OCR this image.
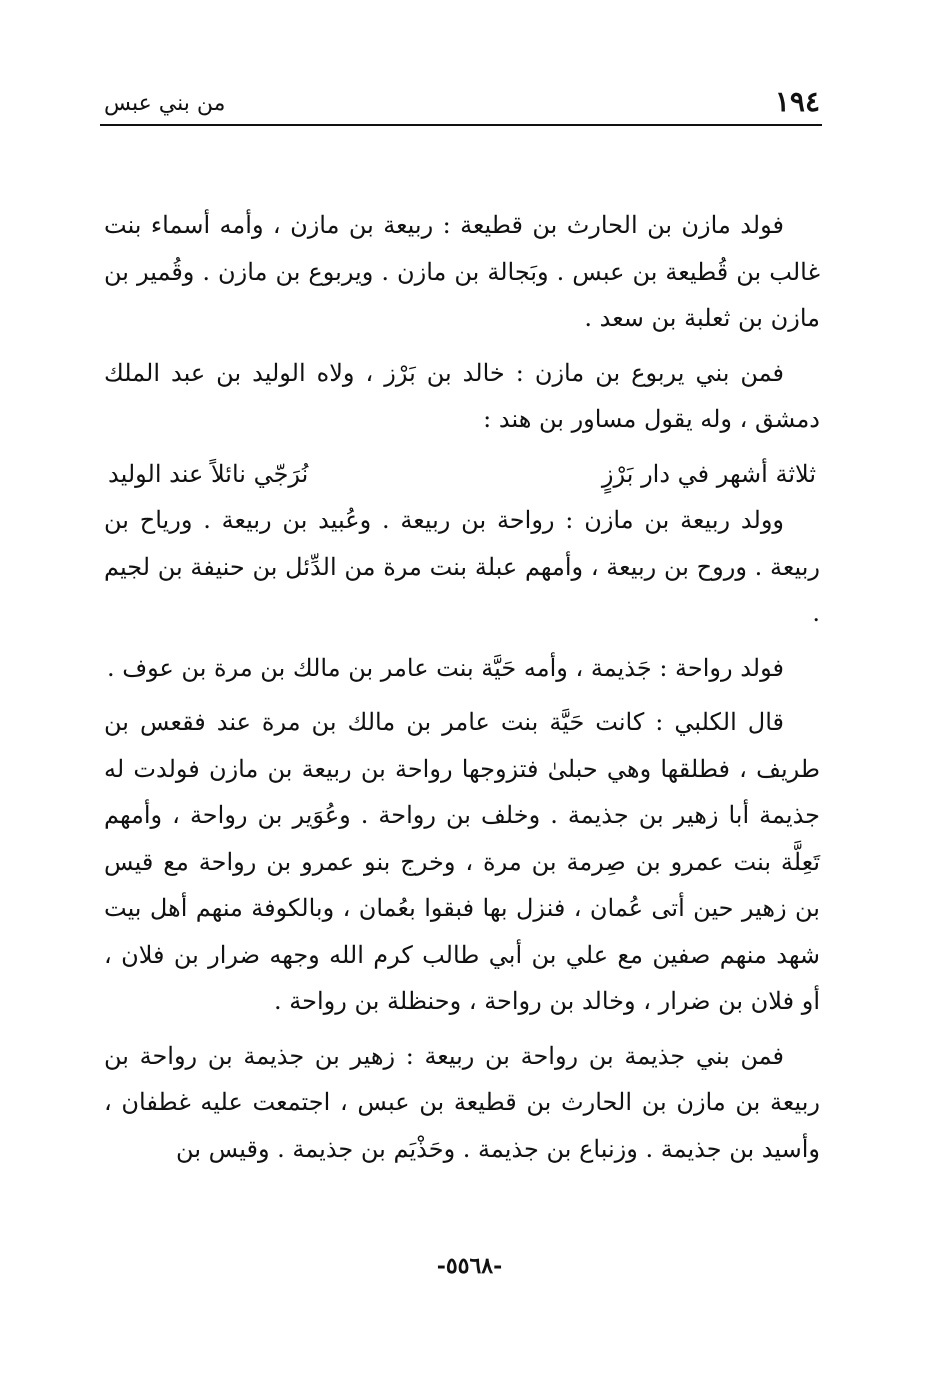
١٩٤
من بني عبس

فولد مازن بن الحارث بن قطيعة : ربيعة بن مازن ، وأمه أسماء بنت غالب بن قُطيعة بن عبس . وبَجالة بن مازن . ويربوع بن مازن . وقُمير بن مازن بن ثعلبة بن سعد .

فمن بني يربوع بن مازن : خالد بن بَرْز ، ولاه الوليد بن عبد الملك دمشق ، وله يقول مساور بن هند :

ثلاثة أشهر في دار بَرْزٍ
نُرَجّي نائلاً عند الوليد

وولد ربيعة بن مازن : رواحة بن ربيعة . وعُبيد بن ربيعة . ورياح بن ربيعة . وروح بن ربيعة ، وأمهم عبلة بنت مرة من الدِّئل بن حنيفة بن لجيم .

فولد رواحة : جَذيمة ، وأمه حَيَّة بنت عامر بن مالك بن مرة بن عوف .

قال الكلبي : كانت حَيَّة بنت عامر بن مالك بن مرة عند فقعس بن طريف ، فطلقها وهي حبلىٰ فتزوجها رواحة بن ربيعة بن مازن فولدت له جذيمة أبا زهير بن جذيمة . وخلف بن رواحة . وعُوَير بن رواحة ، وأمهم تَعِلَّة بنت عمرو بن صِرمة بن مرة ، وخرج بنو عمرو بن رواحة مع قيس بن زهير حين أتى عُمان ، فنزل بها فبقوا بعُمان ، وبالكوفة منهم أهل بيت شهد منهم صفين مع علي بن أبي طالب كرم الله وجهه ضرار بن فلان ، أو فلان بن ضرار ، وخالد بن رواحة ، وحنظلة بن رواحة .

فمن بني جذيمة بن رواحة بن ربيعة : زهير بن جذيمة بن رواحة بن ربيعة بن مازن بن الحارث بن قطيعة بن عبس ، اجتمعت عليه غطفان ، وأسيد بن جذيمة . وزنباع بن جذيمة . وحَذْيَم بن جذيمة . وقيس بن

-٥٥٦٨-
